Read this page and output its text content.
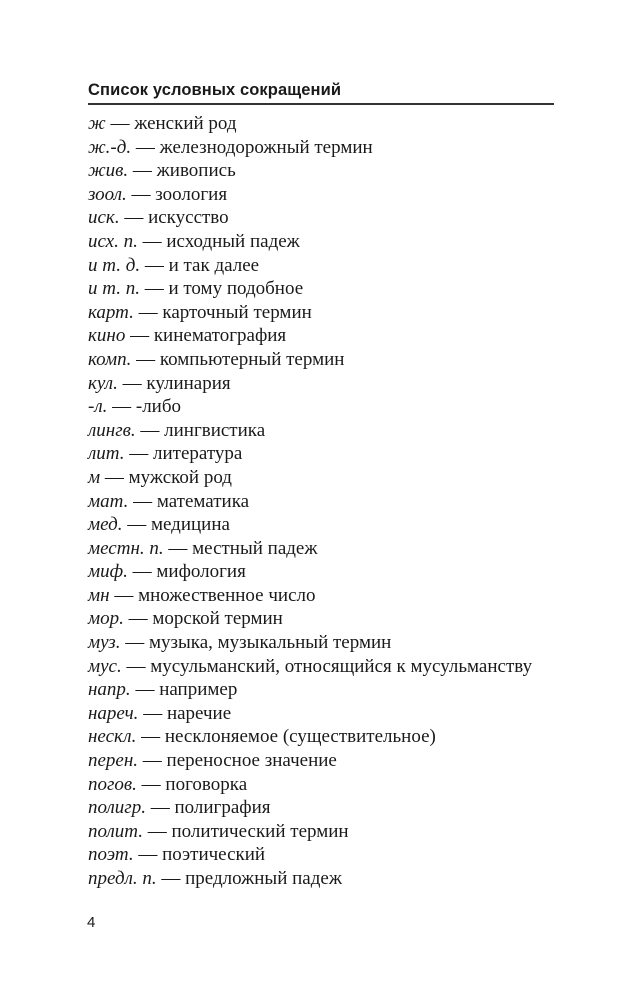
Список условных сокращений
ж — женский род
ж.-д. — железнодорожный термин
жив. — живопись
зоол. — зоология
иск. — искусство
исх. п. — исходный падеж
и т. д. — и так далее
и т. п. — и тому подобное
карт. — карточный термин
кино — кинематография
комп. — компьютерный термин
кул. — кулинария
-л. — -либо
лингв. — лингвистика
лит. — литература
м — мужской род
мат. — математика
мед. — медицина
местн. п. — местный падеж
миф. — мифология
мн — множественное число
мор. — морской термин
муз. — музыка, музыкальный термин
мус. — мусульманский, относящийся к мусульманству
напр. — например
нареч. — наречие
нескл. — несклоняемое (существительное)
перен. — переносное значение
погов. — поговорка
полигр. — полиграфия
полит. — политический термин
поэт. — поэтический
предл. п. — предложный падеж
4
